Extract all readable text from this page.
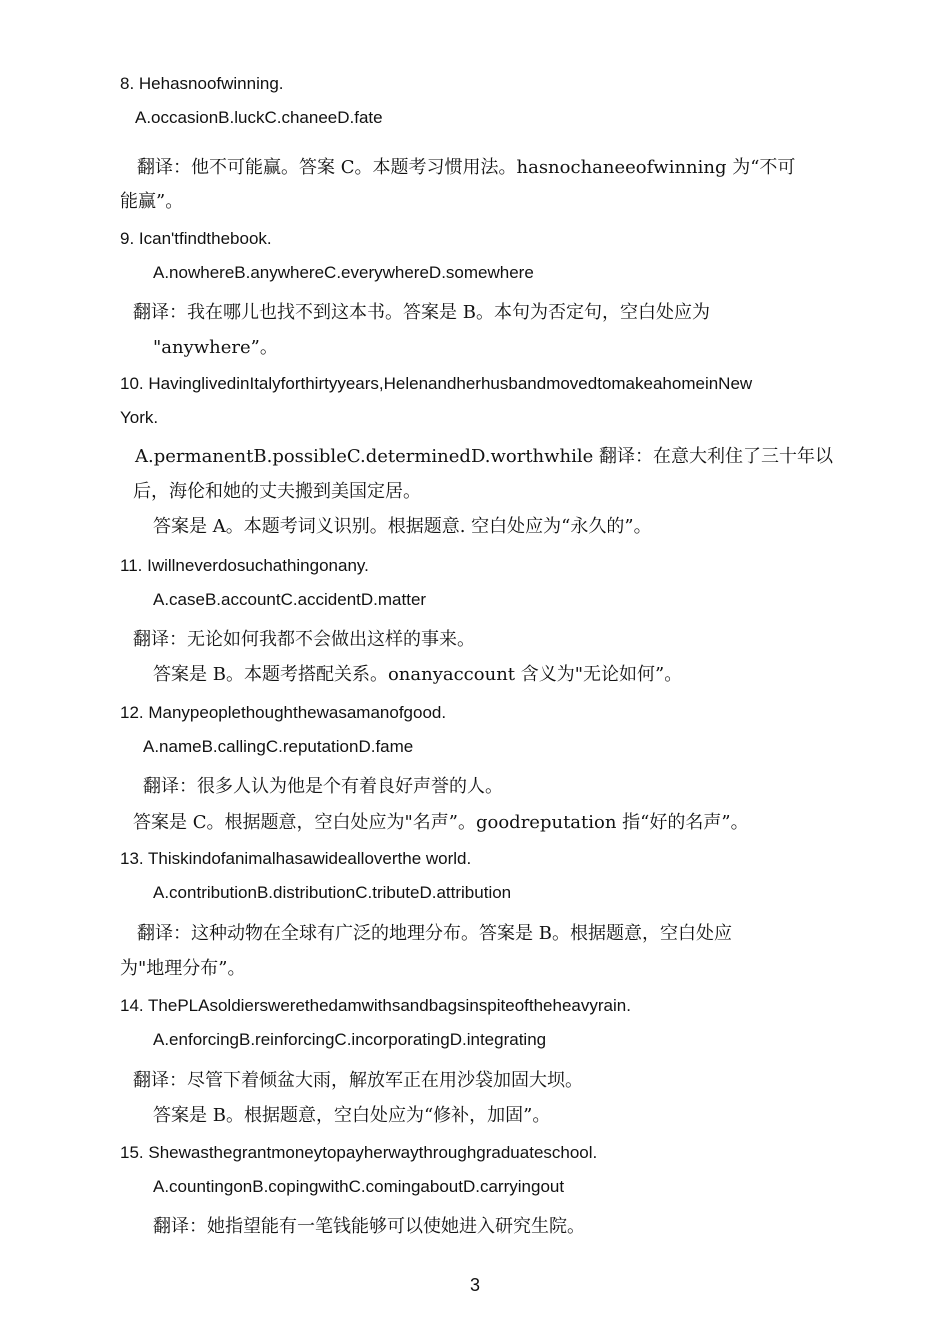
8. Hehasnoofwinning.
A.occasionB.luckC.chaneeD.fate
翻译：他不可能赢。答案 C。本题考习惯用法。hasnochaneeofwinning 为“不可
能赢”。
9. Ican'tfindthebook.
A.nowhereB.anywhereC.everywhereD.somewhere
翻译：我在哪儿也找不到这本书。答案是 B。本句为否定句，空白处应为
"anywhere”。
10. HavinglivedinItalyforthirtyyears,HelenandherhusbandmovedtomakeahomeinNew
York.
A.permanentB.possibleC.determinedD.worthwhile 翻译：在意大利住了三十年以
后，海伦和她的丈夫搬到美国定居。
答案是 A。本题考词义识别。根据题意. 空白处应为“永久的”。
11. Iwillneverdosuchathingonany.
A.caseB.accountC.accidentD.matter
翻译：无论如何我都不会做出这样的事来。
答案是 B。本题考搭配关系。onanyaccount 含义为"无论如何”。
12. Manypeoplethoughthewasamanofgood.
A.nameB.callingC.reputationD.fame
翻译：很多人认为他是个有着良好声誉的人。
答案是 C。根据题意，空白处应为"名声”。goodreputation 指“好的名声”。
13. Thiskindofanimalhasawidealloverthe world.
A.contributionB.distributionC.tributeD.attribution
翻译：这种动物在全球有广泛的地理分布。答案是 B。根据题意，空白处应
为"地理分布”。
14. ThePLAsoldierswerethedamwithsandbagsinspiteoftheheavyrain.
A.enforcingB.reinforcingC.incorporatingD.integrating
翻译：尽管下着倾盆大雨，解放军正在用沙袋加固大坝。
答案是 B。根据题意，空白处应为“修补，加固”。
15. Shewasthegrantmoneytopayherwaythroughgraduateschool.
A.countingonB.copingwithC.comingaboutD.carryingout
翻译：她指望能有一笔钱能够可以使她进入研究生院。
3
